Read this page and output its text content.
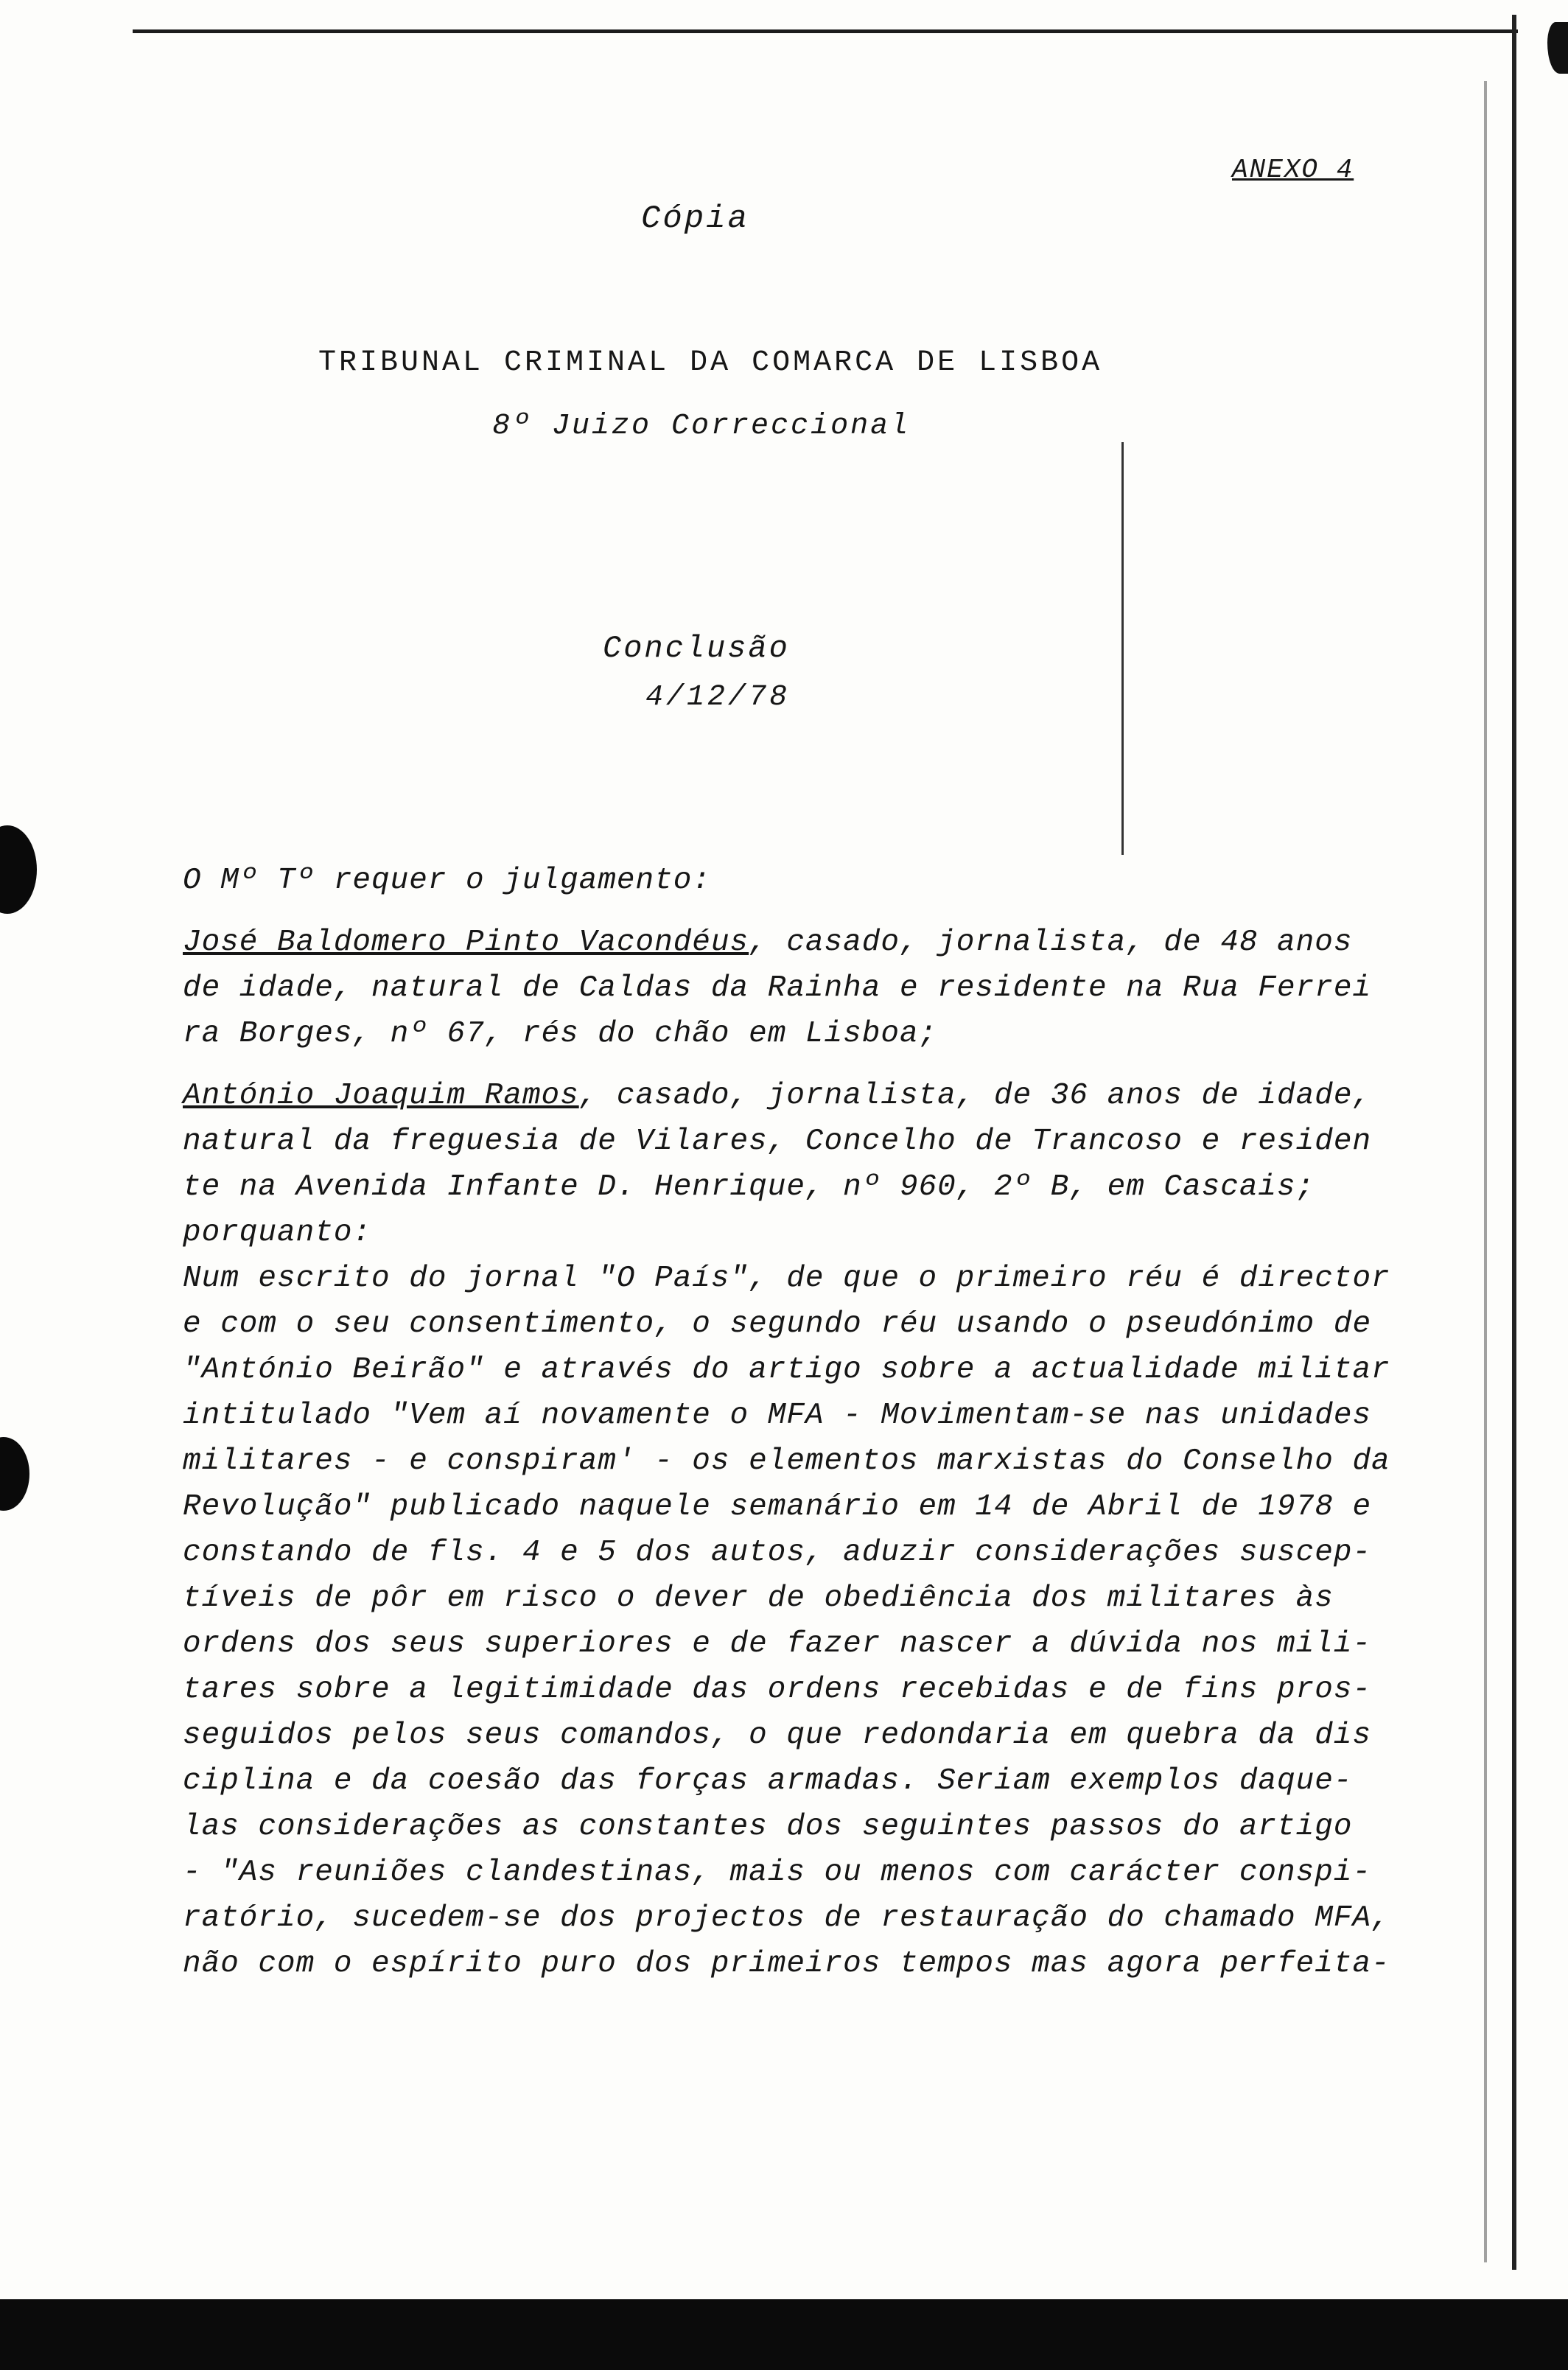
ANEXO 4
Cópia
TRIBUNAL CRIMINAL DA COMARCA DE LISBOA
8º Juizo Correccional
Conclusão
4/12/78

O Mº Tº requer o julgamento:

José Baldomero Pinto Vacondéus, casado, jornalista, de 48 anos

de idade, natural de Caldas da Rainha e residente na Rua Ferrei

ra Borges, nº 67, rés do chão em Lisboa;

António Joaquim Ramos, casado, jornalista, de 36 anos de idade,

natural da freguesia de Vilares, Concelho de Trancoso e residen

te na Avenida Infante D. Henrique, nº 960, 2º B, em Cascais;

porquanto:

Num escrito do jornal "O País", de que o primeiro réu é director

e com o seu consentimento, o segundo réu usando o pseudónimo de

"António Beirão" e através do artigo sobre a actualidade militar

intitulado "Vem aí novamente o MFA - Movimentam-se nas unidades

militares - e conspiram' - os elementos marxistas do Conselho da

Revolução" publicado naquele semanário em 14 de Abril de 1978 e

constando de fls. 4 e 5 dos autos, aduzir considerações suscep-

tíveis de pôr em risco o dever de obediência dos militares às

ordens dos seus superiores e de fazer nascer a dúvida nos mili-

tares sobre a legitimidade das ordens recebidas e de fins pros-

seguidos pelos seus comandos, o que redondaria em quebra da dis

ciplina e da coesão das forças armadas. Seriam exemplos daque-

las considerações as constantes dos seguintes passos do artigo

- "As reuniões clandestinas, mais ou menos com carácter conspi-

ratório, sucedem-se dos projectos de restauração do chamado MFA,

não com o espírito puro dos primeiros tempos mas agora perfeita-
